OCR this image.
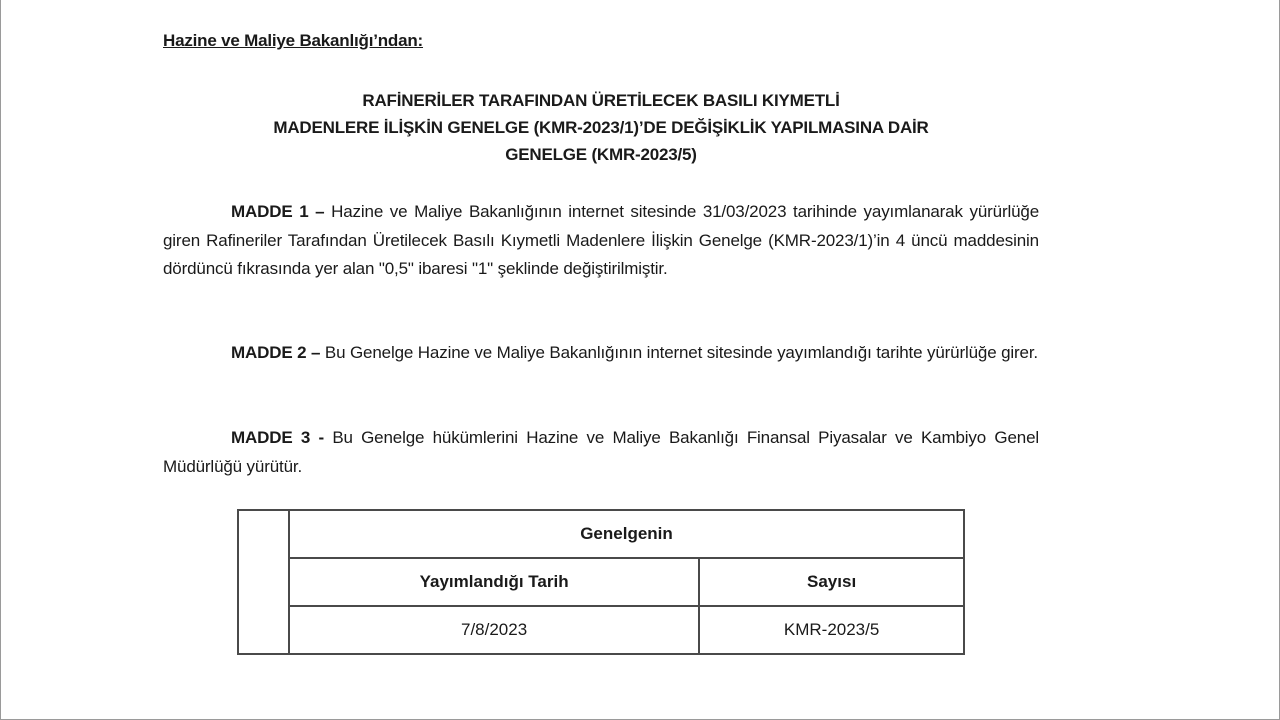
Hazine ve Maliye Bakanlığı’ndan:
RAFİNERİLER TARAFINDAN ÜRETİLECEK BASILI KIYMETLİ
MADENLERE İLİŞKİN GENELGE (KMR-2023/1)’DE DEĞİŞİKLİK YAPILMASINA DAİR
GENELGE (KMR-2023/5)
MADDE 1 – Hazine ve Maliye Bakanlığının internet sitesinde 31/03/2023 tarihinde yayımlanarak yürürlüğe giren Rafineriler Tarafından Üretilecek Basılı Kıymetli Madenlere İlişkin Genelge (KMR-2023/1)’in 4 üncü maddesinin dördüncü fıkrasında yer alan "0,5" ibaresi "1" şeklinde değiştirilmiştir.
MADDE 2 – Bu Genelge Hazine ve Maliye Bakanlığının internet sitesinde yayımlandığı tarihte yürürlüğe girer.
MADDE 3 - Bu Genelge hükümlerini Hazine ve Maliye Bakanlığı Finansal Piyasalar ve Kambiyo Genel Müdürlüğü yürütür.
	Genelgenin	
	Yayımlandığı Tarih	Sayısı
	7/8/2023	KMR-2023/5
